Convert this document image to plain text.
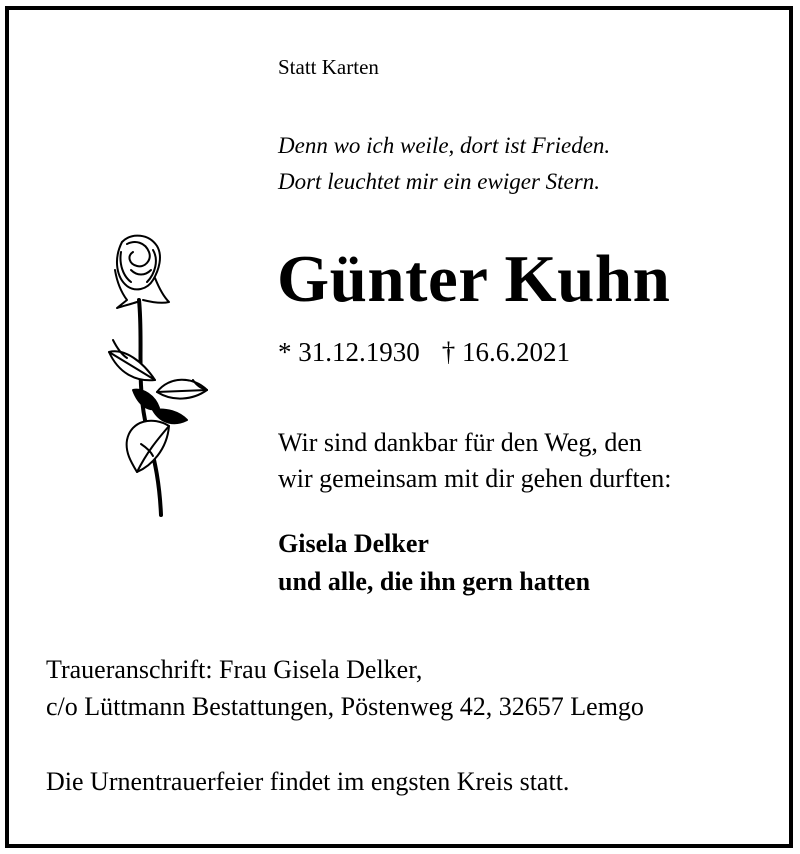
Statt Karten
Denn wo ich weile, dort ist Frieden.
Dort leuchtet mir ein ewiger Stern.
Günter Kuhn
* 31.12.1930 † 16.6.2021
Wir sind dankbar für den Weg, den
wir gemeinsam mit dir gehen durften:
Gisela Delker
und alle, die ihn gern hatten
Traueranschrift: Frau Gisela Delker,
c/o Lüttmann Bestattungen, Pöstenweg 42, 32657 Lemgo
Die Urnentrauerfeier findet im engsten Kreis statt.
